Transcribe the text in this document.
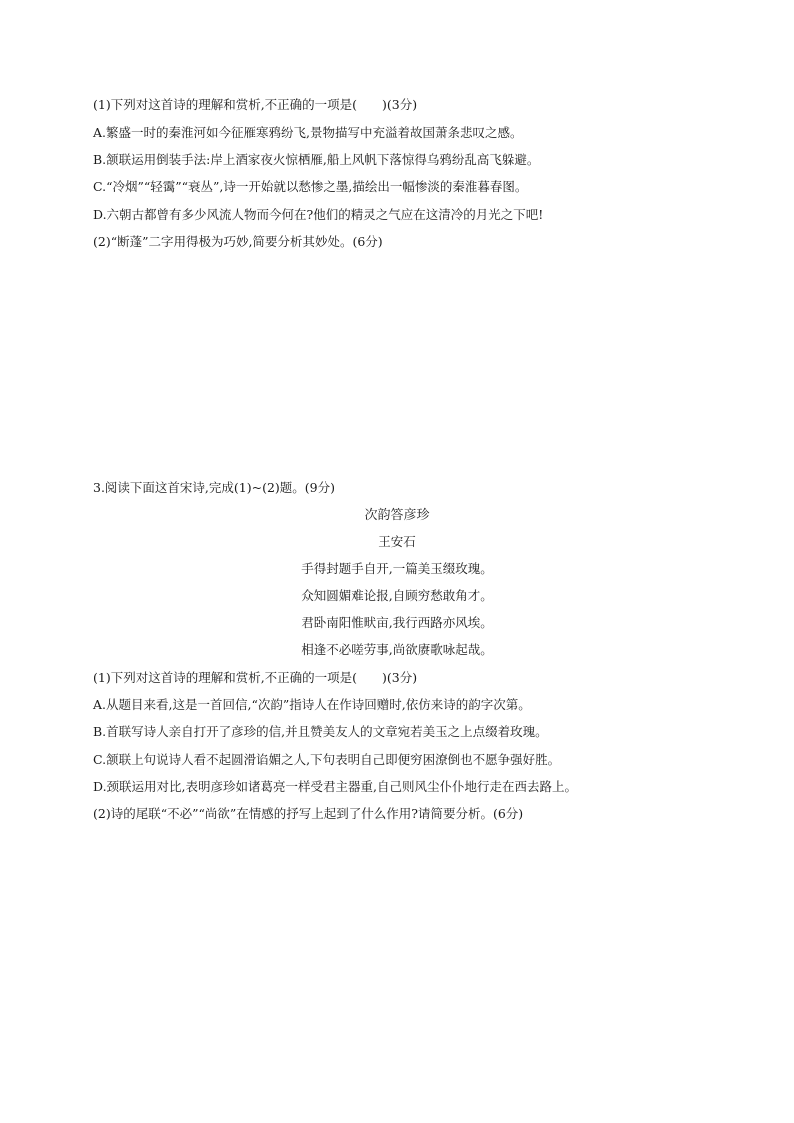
(1)下列对这首诗的理解和赏析,不正确的一项是(　　)(3分)
A.繁盛一时的秦淮河如今征雁寒鸦纷飞,景物描写中充溢着故国萧条悲叹之感。
B.颔联运用倒装手法:岸上酒家夜火惊栖雁,船上风帆下落惊得乌鸦纷乱高飞躲避。
C.“冷烟”“轻霭”“衰丛”,诗一开始就以愁惨之墨,描绘出一幅惨淡的秦淮暮春图。
D.六朝古都曾有多少风流人物而今何在?他们的精灵之气应在这清冷的月光之下吧!
(2)“断蓬”二字用得极为巧妙,简要分析其妙处。(6分)
3.阅读下面这首宋诗,完成(1)~(2)题。(9分)
次韵答彦珍
王安石
手得封题手自开,一篇美玉缀玫瑰。
众知圆媚难论报,自顾穷愁敢角才。
君卧南阳惟畎亩,我行西路亦风埃。
相逢不必嗟劳事,尚欲赓歌咏起哉。
(1)下列对这首诗的理解和赏析,不正确的一项是(　　)(3分)
A.从题目来看,这是一首回信,“次韵”指诗人在作诗回赠时,依仿来诗的韵字次第。
B.首联写诗人亲自打开了彦珍的信,并且赞美友人的文章宛若美玉之上点缀着玫瑰。
C.颔联上句说诗人看不起圆滑谄媚之人,下句表明自己即便穷困潦倒也不愿争强好胜。
D.颈联运用对比,表明彦珍如诸葛亮一样受君主器重,自己则风尘仆仆地行走在西去路上。
(2)诗的尾联“不必”“尚欲”在情感的抒写上起到了什么作用?请简要分析。(6分)
